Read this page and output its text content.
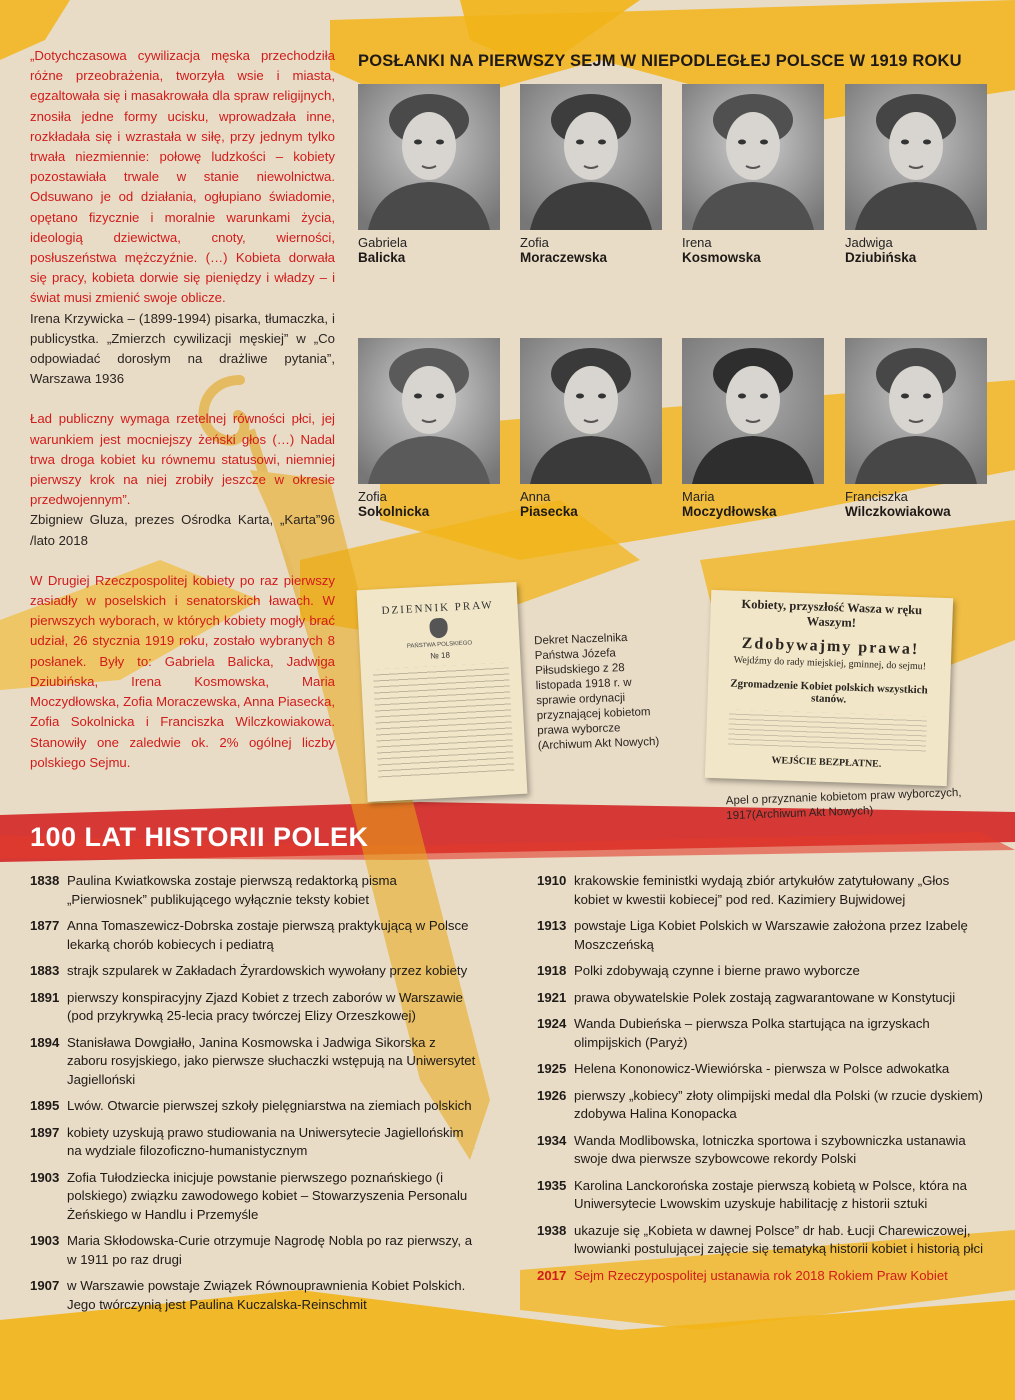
„Dotychczasowa cywilizacja męska przechodziła różne przeobrażenia, tworzyła wsie i miasta, egzaltowała się i masakrowała dla spraw religijnych, znosiła jedne formy ucisku, wprowadzała inne, rozkładała się i wzrastała w siłę, przy jednym tylko trwała niezmiennie: połowę ludzkości – kobiety pozostawiała trwale w stanie niewolnictwa. Odsuwano je od działania, ogłupiano świadomie, opętano fizycznie i moralnie warunkami życia, ideologią dziewictwa, cnoty, wierności, posłuszeństwa mężczyźnie. (…) Kobieta dorwała się pracy, kobieta dorwie się pieniędzy i władzy – i świat musi zmienić swoje oblicze.

Irena Krzywicka – (1899-1994) pisarka, tłumaczka, i publicystka. „Zmierzch cywilizacji męskiej” w „Co odpowiadać dorosłym na drażliwe pytania”, Warszawa 1936

Ład publiczny wymaga rzetelnej równości płci, jej warunkiem jest mocniejszy żeński głos (…) Nadal trwa droga kobiet ku równemu statusowi, niemniej pierwszy krok na niej zrobiły jeszcze w okresie przedwojennym”.

Zbigniew Gluza, prezes Ośrodka Karta, „Karta”96 /lato 2018

W Drugiej Rzeczpospolitej kobiety po raz pierwszy zasiadły w poselskich i senatorskich ławach. W pierwszych wyborach, w których kobiety mogły brać udział, 26 stycznia 1919 roku, zostało wybranych 8 posłanek. Były to: Gabriela Balicka, Jadwiga Dziubińska, Irena Kosmowska, Maria Moczydłowska, Zofia Moraczewska, Anna Piasecka, Zofia Sokolnicka i Franciszka Wilczkowiakowa. Stanowiły one zaledwie ok. 2% ogólnej liczby polskiego Sejmu.

POSŁANKI NA PIERWSZY SEJM W NIEPODLEGŁEJ POLSCE W 1919 ROKU
Gabriela
Balicka
Zofia
Moraczewska
Irena
Kosmowska
Jadwiga
Dziubińska
Zofia
Sokolnicka
Anna
Piasecka
Maria
Moczydłowska
Franciszka
Wilczkowiakowa
DZIENNIK PRAW
PAŃSTWA POLSKIEGO
№ 18
Dekret Naczelnika Państwa Józefa Piłsudskiego z 28 listopada 1918 r. w sprawie ordynacji przyznającej kobietom prawa wyborcze (Archiwum Akt Nowych)
Kobiety, przyszłość Wasza w ręku Waszym!
Zdobywajmy prawa!
Wejdźmy do rady miejskiej, gminnej, do sejmu!
Zgromadzenie Kobiet polskich wszystkich stanów.
WEJŚCIE BEZPŁATNE.
Apel o przyznanie kobietom praw wyborczych, 1917(Archiwum Akt Nowych)
100 LAT HISTORII POLEK
1838 Paulina Kwiatkowska zostaje pierwszą redaktorką pisma „Pierwiosnek” publikującego wyłącznie teksty kobiet
1877 Anna Tomaszewicz-Dobrska zostaje pierwszą praktykującą w Polsce lekarką chorób kobiecych i pediatrą
1883 strajk szpularek w Zakładach Żyrardowskich wywołany przez kobiety
1891 pierwszy konspiracyjny Zjazd Kobiet z trzech zaborów w Warszawie (pod przykrywką 25-lecia pracy twórczej Elizy Orzeszkowej)
1894 Stanisława Dowgiałło, Janina Kosmowska i Jadwiga Sikorska z zaboru rosyjskiego, jako pierwsze słuchaczki wstępują na Uniwersytet Jagielloński
1895 Lwów. Otwarcie pierwszej szkoły pielęgniarstwa na ziemiach polskich
1897 kobiety uzyskują prawo studiowania na Uniwersytecie Jagiellońskim na wydziale filozoficzno-humanistycznym
1903 Zofia Tułodziecka inicjuje powstanie pierwszego poznańskiego (i polskiego) związku zawodowego kobiet – Stowarzyszenia Personalu Żeńskiego w Handlu i Przemyśle
1903 Maria Skłodowska-Curie otrzymuje Nagrodę Nobla po raz pierwszy, a w 1911 po raz drugi
1907 w Warszawie powstaje Związek Równouprawnienia Kobiet Polskich. Jego twórczynią jest Paulina Kuczalska-Reinschmit
1910 krakowskie feministki wydają zbiór artykułów zatytułowany „Głos kobiet w kwestii kobiecej” pod red. Kazimiery Bujwidowej
1913 powstaje Liga Kobiet Polskich w Warszawie założona przez Izabelę Moszczeńską
1918 Polki zdobywają czynne i bierne prawo wyborcze
1921 prawa obywatelskie Polek zostają zagwarantowane w Konstytucji
1924 Wanda Dubieńska – pierwsza Polka startująca na igrzyskach olimpijskich (Paryż)
1925 Helena Kononowicz-Wiewiórska - pierwsza w Polsce adwokatka
1926 pierwszy „kobiecy” złoty olimpijski medal dla Polski (w rzucie dyskiem) zdobywa Halina Konopacka
1934 Wanda Modlibowska, lotniczka sportowa i szybowniczka ustanawia swoje dwa pierwsze szybowcowe rekordy Polski
1935 Karolina Lanckorońska zostaje pierwszą kobietą w Polsce, która na Uniwersytecie Lwowskim uzyskuje habilitację z historii sztuki
1938 ukazuje się „Kobieta w dawnej Polsce” dr hab. Łucji Charewiczowej, lwowianki postulującej zajęcie się tematyką historii kobiet i historią płci
2017 Sejm Rzeczypospolitej ustanawia rok 2018 Rokiem Praw Kobiet
